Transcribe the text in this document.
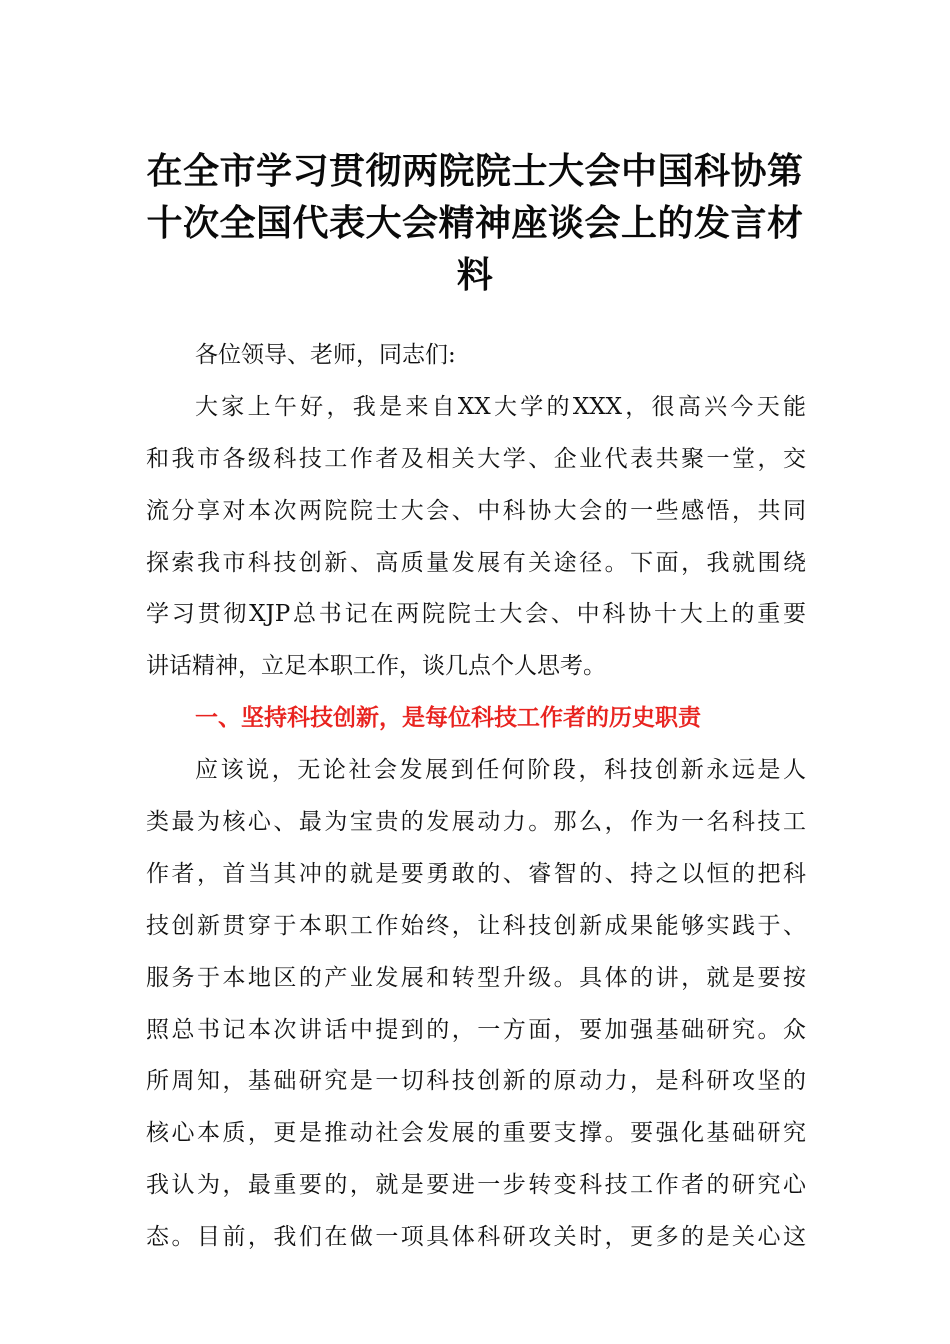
在全市学习贯彻两院院士大会中国科协第
十次全国代表大会精神座谈会上的发言材
料
各位领导、老师，同志们:
大家上午好，我是来自XX大学的XXX，很高兴今天能
和我市各级科技工作者及相关大学、企业代表共聚一堂，交
流分享对本次两院院士大会、中科协大会的一些感悟，共同
探索我市科技创新、高质量发展有关途径。下面，我就围绕
学习贯彻XJP总书记在两院院士大会、中科协十大上的重要
讲话精神，立足本职工作，谈几点个人思考。
一、坚持科技创新，是每位科技工作者的历史职责
应该说，无论社会发展到任何阶段，科技创新永远是人
类最为核心、最为宝贵的发展动力。那么，作为一名科技工
作者，首当其冲的就是要勇敢的、睿智的、持之以恒的把科
技创新贯穿于本职工作始终，让科技创新成果能够实践于、
服务于本地区的产业发展和转型升级。具体的讲，就是要按
照总书记本次讲话中提到的，一方面，要加强基础研究。众
所周知，基础研究是一切科技创新的原动力，是科研攻坚的
核心本质，更是推动社会发展的重要支撑。要强化基础研究
我认为，最重要的，就是要进一步转变科技工作者的研究心
态。目前，我们在做一项具体科研攻关时，更多的是关心这
